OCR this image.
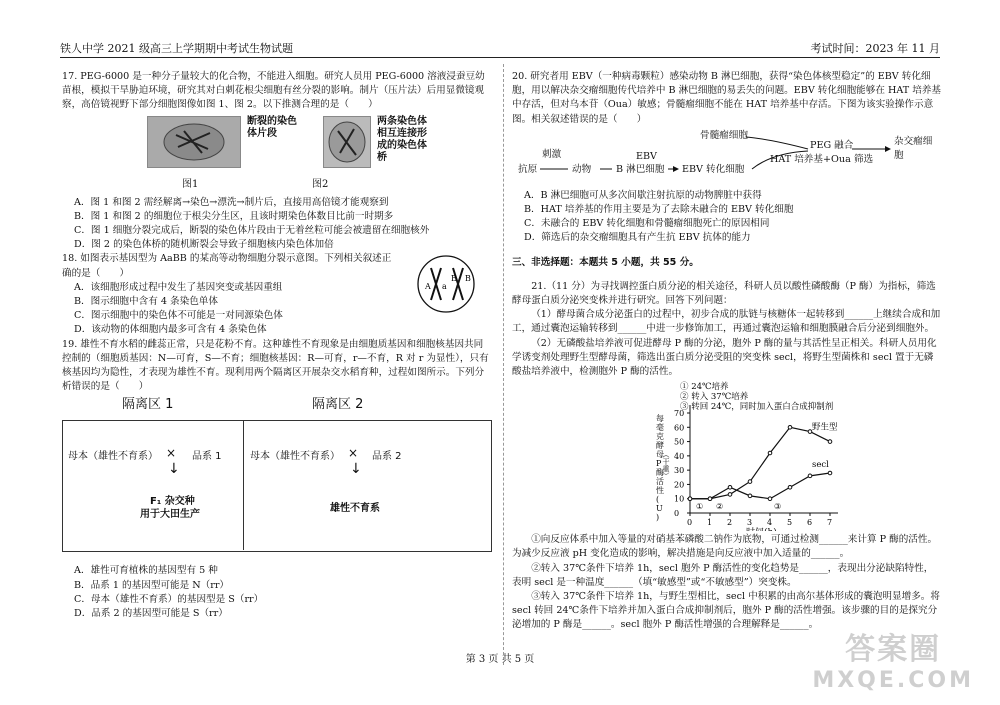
铁人中学 2021 级高三上学期期中考试生物试题	考试时间：2023 年 11 月

17. PEG-6000 是一种分子量较大的化合物，不能进入细胞。研究人员用 PEG-6000 溶液浸蚕豆幼苗根，模拟干旱胁迫环境，研究其对白刺花根尖细胞有丝分裂的影响。制片（压片法）后用显微镜观察，高倍镜视野下部分细胞图像如图 1、图 2。以下推测合理的是（　　）

断裂的染色体片段
两条染色体相互连接形成的染色体桥
图1	图2

A．图 1 和图 2 需经解离→染色→漂洗→制片后，直接用高倍镜才能观察到

B．图 1 和图 2 的细胞位于根尖分生区，且该时期染色体数目比前一时期多

C．图 1 细胞分裂完成后，断裂的染色体片段由于无着丝粒可能会被遗留在细胞核外

D．图 2 的染色体桥的随机断裂会导致子细胞核内染色体加倍

18. 如图表示基因型为 AaBB 的某高等动物细胞分裂示意图。下列相关叙述正确的是（　　）

A．该细胞形成过程中发生了基因突变或基因重组

B．图示细胞中含有 4 条染色单体

C．图示细胞中的染色体不可能是一对同源染色体

D．该动物的体细胞内最多可含有 4 条染色体

A a
B B

19. 雄性不育水稻的雌蕊正常，只是花粉不育。这种雄性不育现象是由细胞质基因和细胞核基因共同控制的（细胞质基因：N—可育，S—不育；细胞核基因：R—可育，r—不育，R 对 r 为显性），只有核基因均为隐性，才表现为雄性不育。现利用两个隔离区开展杂交水稻育种，过程如图所示。下列分析错误的是（　　）

隔离区 1	隔离区 2
母本（雄性不育系） × 品系 1
↓
F₁ 杂交种
用于大田生产
母本（雄性不育系） × 品系 2
↓
雄性不育系

A．雄性可育植株的基因型有 5 种

B．品系 1 的基因型可能是 N（rr）

C．母本（雄性不育系）的基因型是 S（rr）

D．品系 2 的基因型可能是 S（rr）

20. 研究者用 EBV（一种病毒颗粒）感染动物 B 淋巴细胞，获得“染色体核型稳定”的 EBV 转化细胞，用以解决杂交瘤细胞传代培养中 B 淋巴细胞的易丢失的问题。EBV 转化细胞能够在 HAT 培养基中存活，但对乌本苷（Oua）敏感；骨髓瘤细胞不能在 HAT 培养基中存活。下图为该实验操作示意图。相关叙述错误的是（　　）

骨髓瘤细胞
PEG 融合
HAT 培养基+Oua 筛选
杂交瘤细胞
刺激	EBV
抗原	动物	B 淋巴细胞 EBV 转化细胞

A．B 淋巴细胞可从多次间歇注射抗原的动物脾脏中获得

B．HAT 培养基的作用主要是为了去除未融合的 EBV 转化细胞

C．未融合的 EBV 转化细胞和骨髓瘤细胞死亡的原因相同

D．筛选后的杂交瘤细胞具有产生抗 EBV 抗体的能力

三、非选择题：本题共 5 小题，共 55 分。

21.（11 分）为寻找调控蛋白质分泌的相关途径，科研人员以酸性磷酸酶（P 酶）为指标，筛选酵母蛋白质分泌突变株并进行研究。回答下列问题：

（1）酵母菌合成分泌蛋白的过程中，初步合成的肽链与核糖体一起转移到______上继续合成和加工，通过囊泡运输转移到______中进一步修饰加工，再通过囊泡运输和细胞膜融合后分泌到细胞外。

（2）无磷酸盐培养液可促进酵母 P 酶的分泌，胞外 P 酶的量与其活性呈正相关。科研人员用化学诱变剂处理野生型酵母菌，筛选出蛋白质分泌受阻的突变株 secl，将野生型菌株和 secl 置于无磷酸盐培养液中，检测胞外 P 酶的活性。

0 1 2 3 4 5 6 7
0
10
20
30
40
50
60
70
每
毫
克
酵
母
P
酶
活
性
(
U
)
（干重）
① 24℃培养
② 转入 37℃培养
③ 转回 24℃，同时加入蛋白合成抑制剂
① ②	③
野生型
secl

①向反应体系中加入等量的对硝基苯磷酸二钠作为底物，可通过检测______来计算 P 酶的活性。为减少反应液 pH 变化造成的影响，解决措施是向反应液中加入适量的______。

②转入 37℃条件下培养 1h，secl 胞外 P 酶活性的变化趋势是______，表现出分泌缺陷特性，表明 secl 是一种温度______（填“敏感型”或“不敏感型”）突变株。

③转入 37℃条件下培养 1h，与野生型相比，secl 中积累的由高尔基体形成的囊泡明显增多。将 secl 转回 24℃条件下培养并加入蛋白合成抑制剂后，胞外 P 酶的活性增强。该步骤的目的是探究分泌增加的 P 酶是______。secl 胞外 P 酶活性增强的合理解释是______。

第 3 页 共 5 页	答案圈
MXQE.COM
